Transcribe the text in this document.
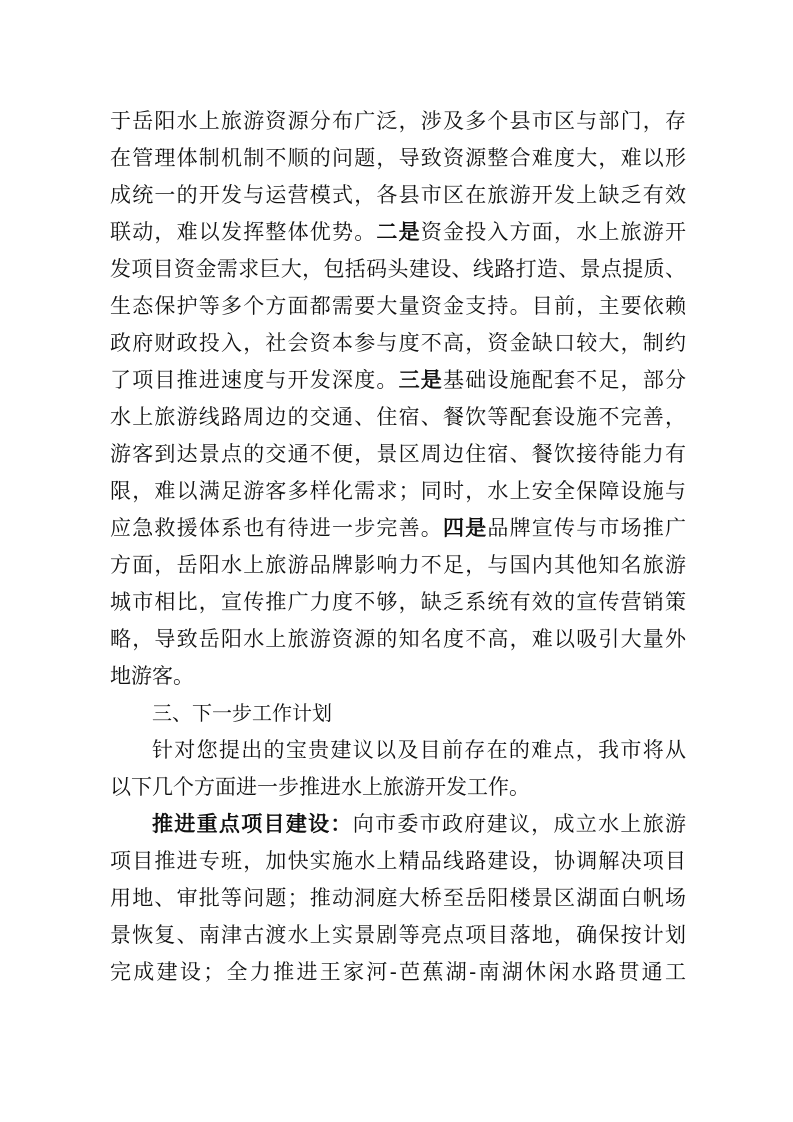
于岳阳水上旅游资源分布广泛，涉及多个县市区与部门，存
在管理体制机制不顺的问题，导致资源整合难度大，难以形
成统一的开发与运营模式，各县市区在旅游开发上缺乏有效
联动，难以发挥整体优势。二是资金投入方面，水上旅游开
发项目资金需求巨大，包括码头建设、线路打造、景点提质、
生态保护等多个方面都需要大量资金支持。目前，主要依赖
政府财政投入，社会资本参与度不高，资金缺口较大，制约
了项目推进速度与开发深度。三是基础设施配套不足，部分
水上旅游线路周边的交通、住宿、餐饮等配套设施不完善，
游客到达景点的交通不便，景区周边住宿、餐饮接待能力有
限，难以满足游客多样化需求；同时，水上安全保障设施与
应急救援体系也有待进一步完善。四是品牌宣传与市场推广
方面，岳阳水上旅游品牌影响力不足，与国内其他知名旅游
城市相比，宣传推广力度不够，缺乏系统有效的宣传营销策
略，导致岳阳水上旅游资源的知名度不高，难以吸引大量外
地游客。
三、下一步工作计划
针对您提出的宝贵建议以及目前存在的难点，我市将从
以下几个方面进一步推进水上旅游开发工作。
推进重点项目建设：向市委市政府建议，成立水上旅游
项目推进专班，加快实施水上精品线路建设，协调解决项目
用地、审批等问题；推动洞庭大桥至岳阳楼景区湖面白帆场
景恢复、南津古渡水上实景剧等亮点项目落地，确保按计划
完成建设；全力推进王家河-芭蕉湖-南湖休闲水路贯通工
